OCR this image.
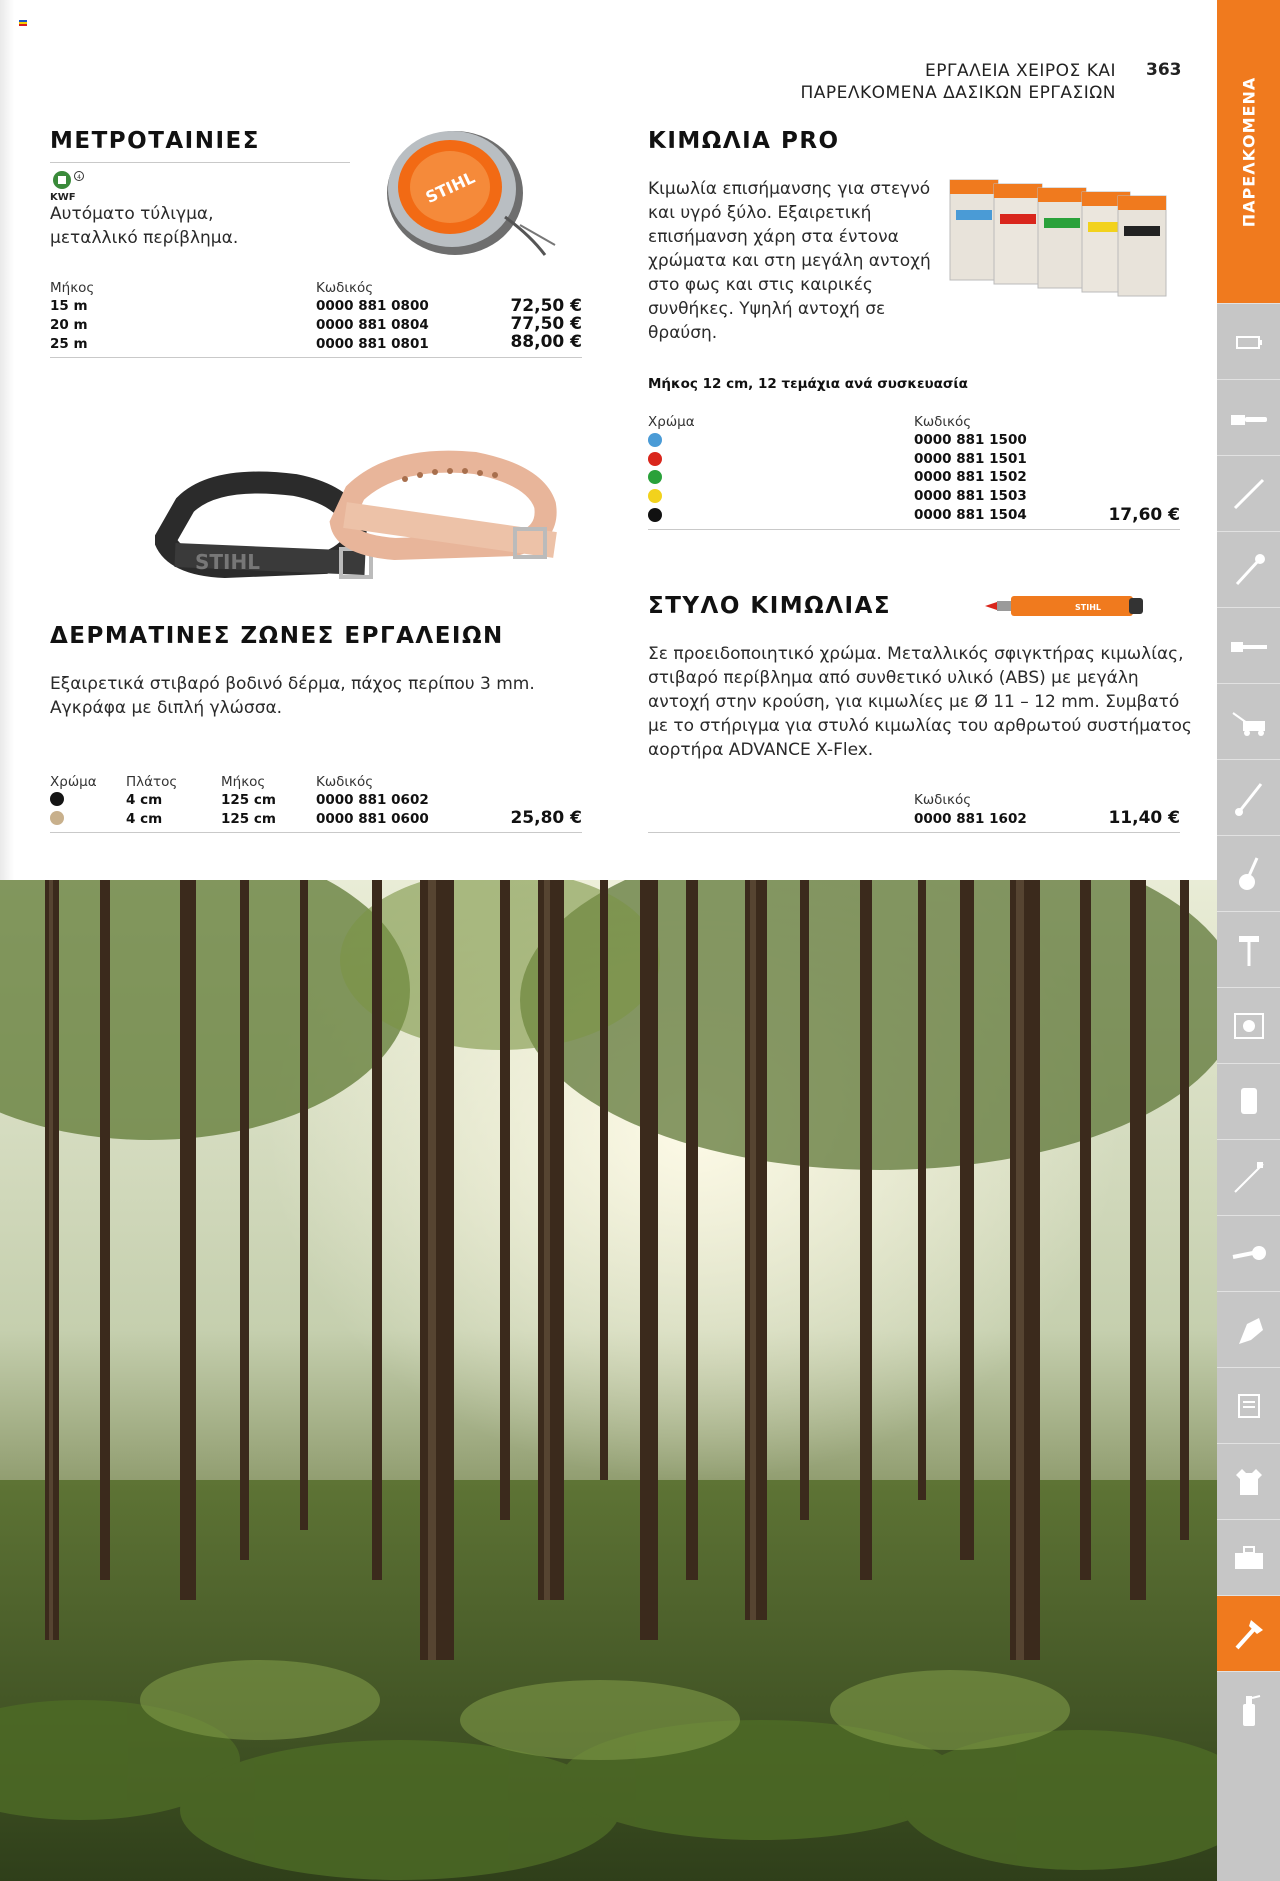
ΕΡΓΑΛΕΙΑ ΧΕΙΡΟΣ ΚΑΙ
ΠΑΡΕΛΚΟΜΕΝΑ ΔΑΣΙΚΩΝ ΕΡΓΑΣΙΩΝ
363
ΜΕΤΡΟΤΑΙΝΙΕΣ
4
KWF
Αυτόματο τύλιγμα,
μεταλλικό περίβλημα.
STIHL
Μήκος	Κωδικός
15 m	0000 881 0800	72,50 €
20 m	0000 881 0804	77,50 €
25 m	0000 881 0801	88,00 €
ΚΙΜΩΛΙΑ PRO
Κιμωλία επισήμανσης για στεγνό
και υγρό ξύλο. Εξαιρετική
επισήμανση χάρη στα έντονα
χρώματα και στη μεγάλη αντοχή
στο φως και στις καιρικές
συνθήκες. Υψηλή αντοχή σε
θραύση.
Μήκος 12 cm, 12 τεμάχια ανά συσκευασία
Χρώμα	Κωδικός
0000 881 1500
0000 881 1501
0000 881 1502
0000 881 1503
0000 881 1504	17,60 €
STIHL
ΔΕΡΜΑΤΙΝΕΣ ΖΩΝΕΣ ΕΡΓΑΛΕΙΩΝ
Εξαιρετικά στιβαρό βοδινό δέρμα, πάχος περίπου 3 mm.
Αγκράφα με διπλή γλώσσα.
Χρώμα Πλάτος	Μήκος	Κωδικός
4 cm	125 cm	0000 881 0602
4 cm	125 cm	0000 881 0600	25,80 €
ΣΤΥΛΟ ΚΙΜΩΛΙΑΣ	STIHL
Σε προειδοποιητικό χρώμα. Μεταλλικός σφιγκτήρας κιμωλίας,
στιβαρό περίβλημα από συνθετικό υλικό (ABS) με μεγάλη
αντοχή στην κρούση, για κιμωλίες με Ø 11 – 12 mm. Συμβατό
με το στήριγμα για στυλό κιμωλίας του αρθρωτού συστήματος
αορτήρα ADVANCE X-Flex.
Κωδικός
0000 881 1602	11,40 €
ΠΑΡΕΛΚΟΜΕΝΑ
